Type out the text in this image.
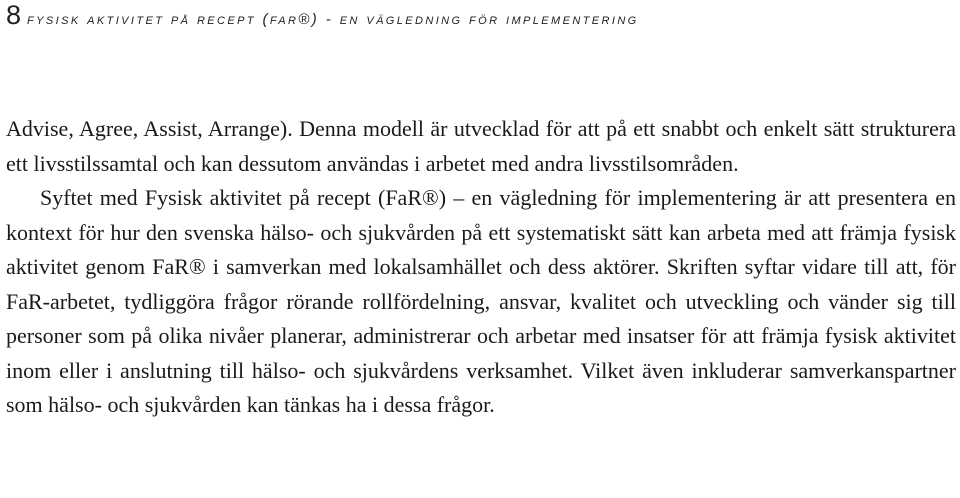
8 fysisk aktivitet på recept (far®) - en vägledning för implementering

Advise, Agree, Assist, Arrange). Denna modell är utvecklad för att på ett snabbt och enkelt sätt strukturera ett livsstilssamtal och kan dessutom användas i arbetet med andra livsstilsområden.

Syftet med Fysisk aktivitet på recept (FaR®) – en vägledning för implementering är att presentera en kontext för hur den svenska hälso- och sjukvården på ett systematiskt sätt kan arbeta med att främja fysisk aktivitet genom FaR® i samverkan med lokalsamhället och dess aktörer. Skriften syftar vidare till att, för FaR-arbetet, tydliggöra frågor rörande rollfördelning, ansvar, kvalitet och utveckling och vänder sig till personer som på olika nivåer planerar, administrerar och arbetar med insatser för att främja fysisk aktivitet inom eller i anslutning till hälso- och sjukvårdens verksamhet. Vilket även inkluderar samverkanspartner som hälso- och sjukvården kan tänkas ha i dessa frågor.
